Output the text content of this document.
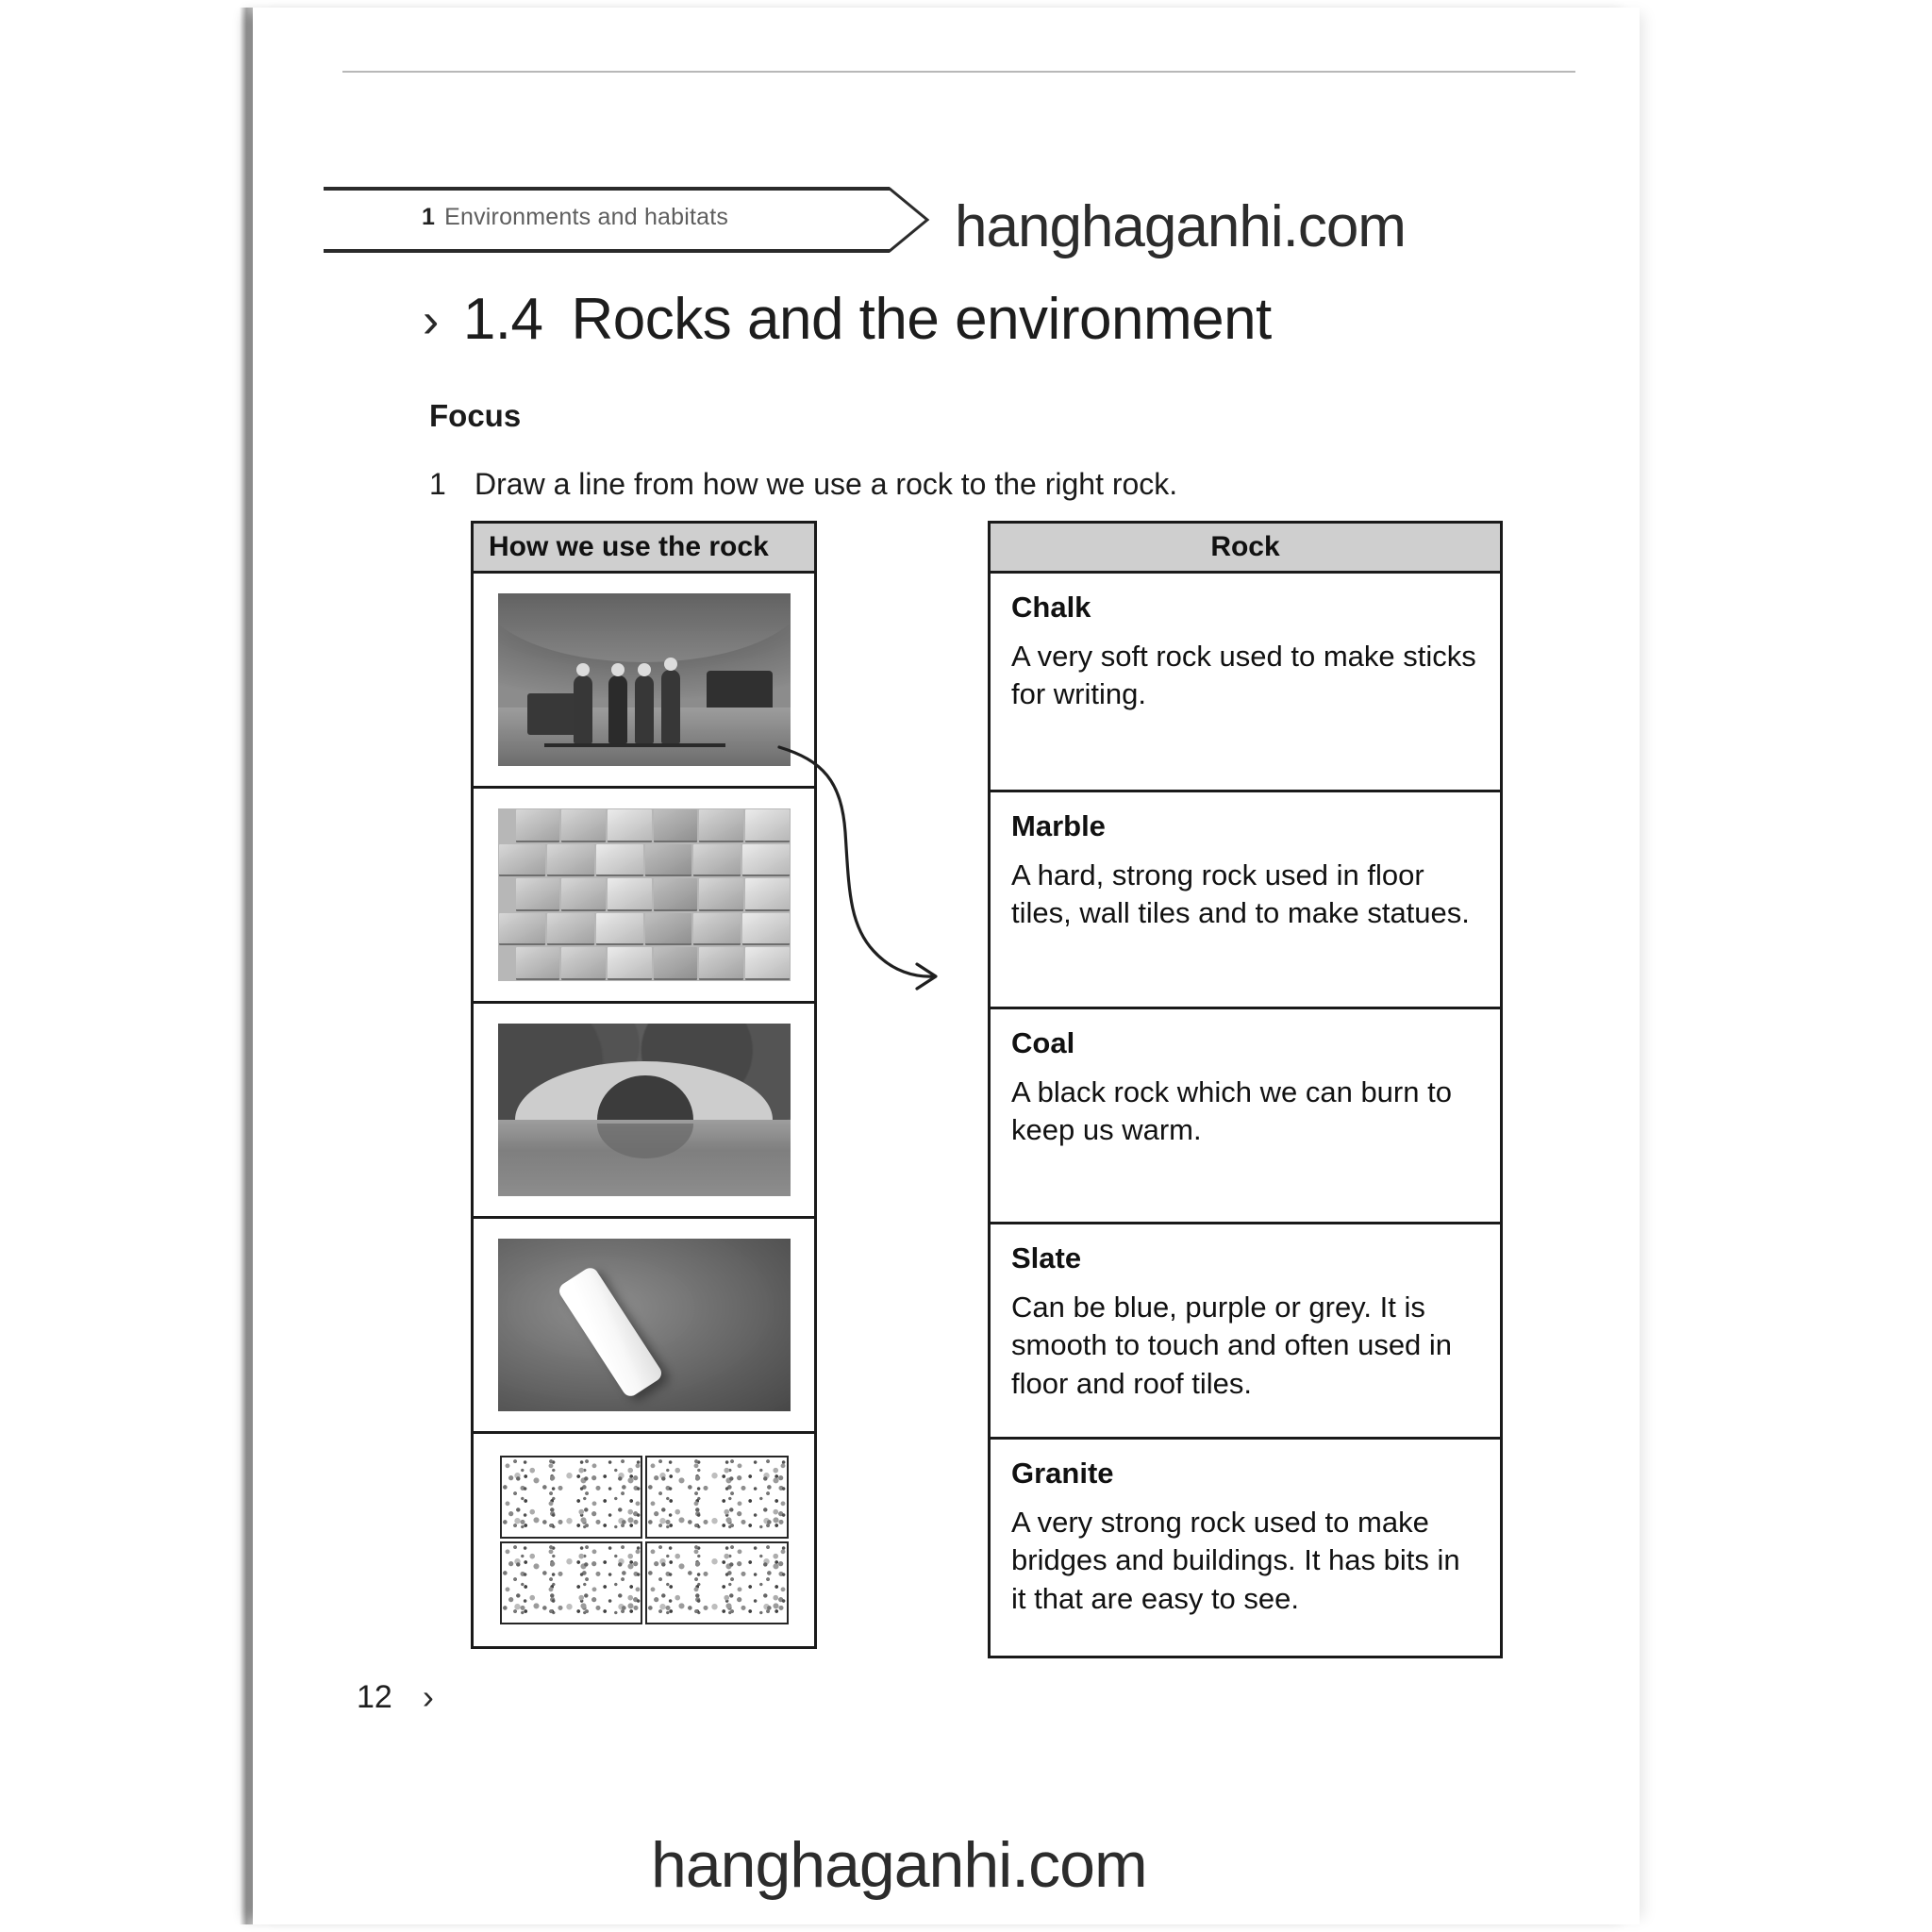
1 Environments and habitats	hanghaganhi.com
› 1.4 Rocks and the environment
Focus
1 Draw a line from how we use a rock to the right rock.
How we use the rock	Rock
Chalk
A very soft rock used to make sticks for writing.
Marble
A hard, strong rock used in floor tiles, wall tiles and to make statues.
Coal
A black rock which we can burn to keep us warm.
Slate
Can be blue, purple or grey. It is smooth to touch and often used in floor and roof tiles.
Granite
A very strong rock used to make bridges and buildings. It has bits in it that are easy to see.
12 ›
hanghaganhi.com
